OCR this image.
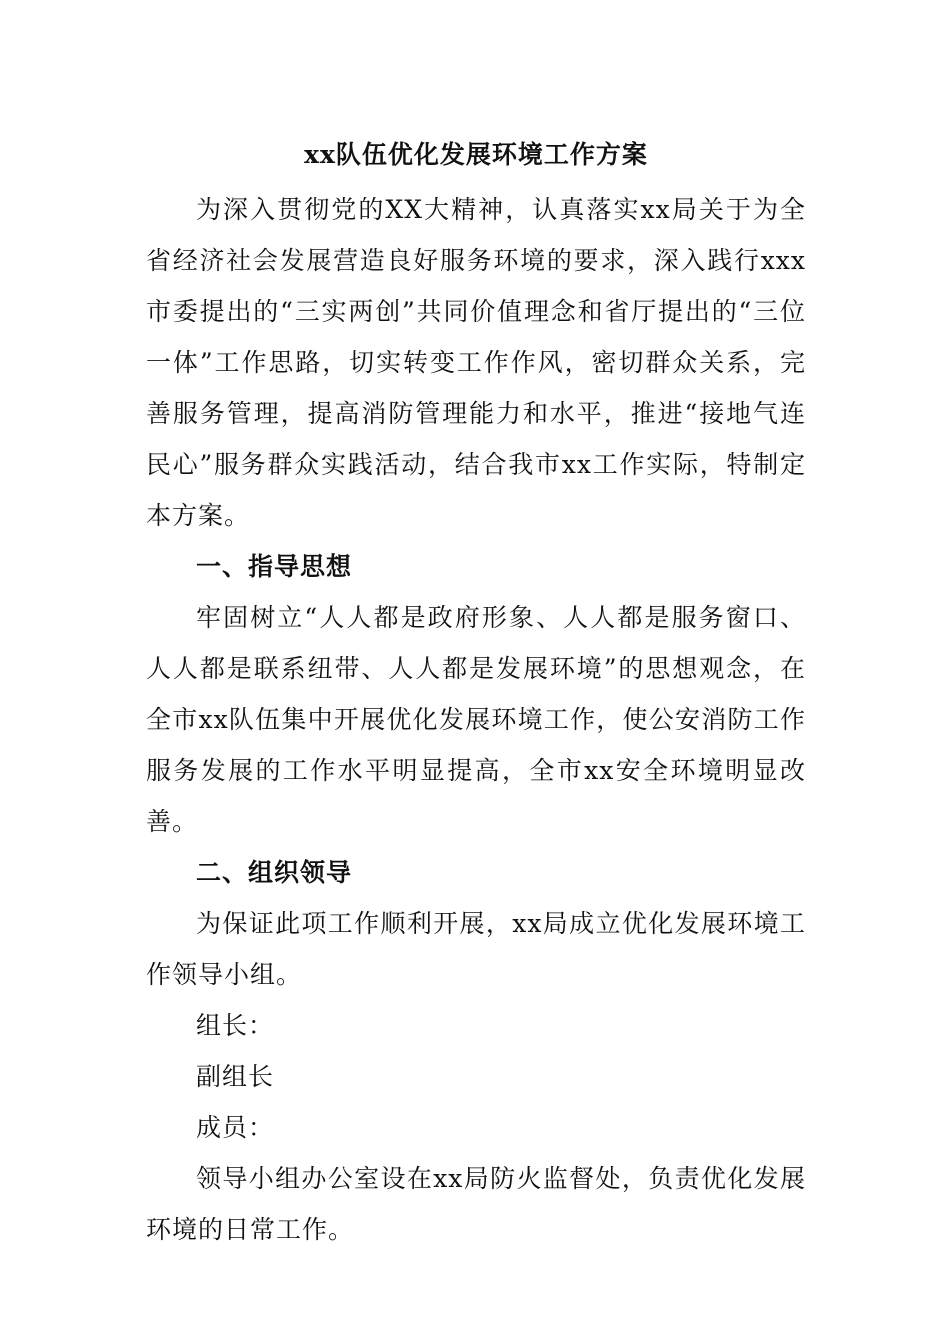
xx队伍优化发展环境工作方案

为深入贯彻党的XX大精神，认真落实xx局关于为全省经济社会发展营造良好服务环境的要求，深入践行xxx市委提出的“三实两创”共同价值理念和省厅提出的“三位一体”工作思路，切实转变工作作风，密切群众关系，完善服务管理，提高消防管理能力和水平，推进“接地气连民心”服务群众实践活动，结合我市xx工作实际，特制定本方案。

一、指导思想

牢固树立“人人都是政府形象、人人都是服务窗口、人人都是联系纽带、人人都是发展环境”的思想观念，在全市xx队伍集中开展优化发展环境工作，使公安消防工作服务发展的工作水平明显提高，全市xx安全环境明显改善。

二、组织领导

为保证此项工作顺利开展，xx局成立优化发展环境工作领导小组。

组长：

副组长

成员：

领导小组办公室设在xx局防火监督处，负责优化发展环境的日常工作。
